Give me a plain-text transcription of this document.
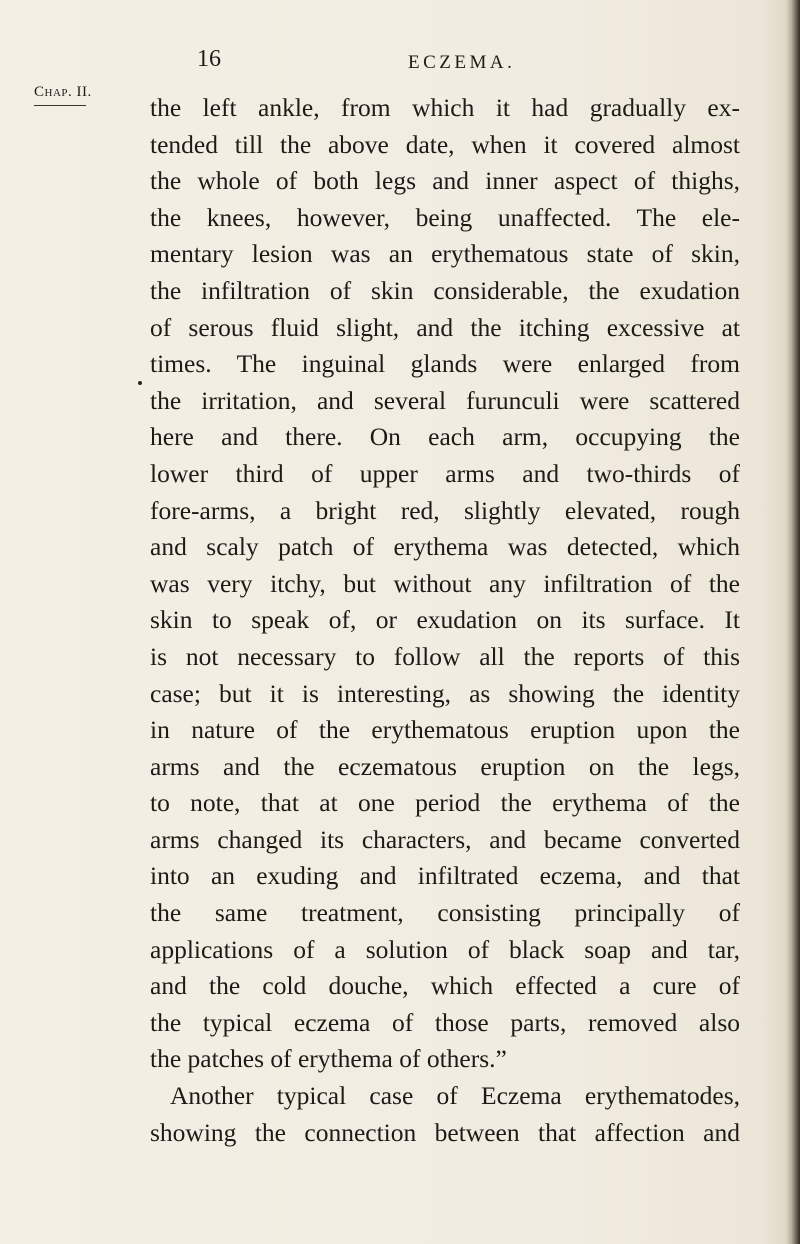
16	ECZEMA.
Chap. II.
the left ankle, from which it had gradually ex-
tended till the above date, when it covered almost
the whole of both legs and inner aspect of thighs,
the knees, however, being unaffected. The ele-
mentary lesion was an erythematous state of skin,
the infiltration of skin considerable, the exudation
of serous fluid slight, and the itching excessive at
times. The inguinal glands were enlarged from
the irritation, and several furunculi were scattered
here and there. On each arm, occupying the
lower third of upper arms and two-thirds of
fore-arms, a bright red, slightly elevated, rough
and scaly patch of erythema was detected, which
was very itchy, but without any infiltration of the
skin to speak of, or exudation on its surface. It
is not necessary to follow all the reports of this
case; but it is interesting, as showing the identity
in nature of the erythematous eruption upon the
arms and the eczematous eruption on the legs,
to note, that at one period the erythema of the
arms changed its characters, and became converted
into an exuding and infiltrated eczema, and that
the same treatment, consisting principally of
applications of a solution of black soap and tar,
and the cold douche, which effected a cure of
the typical eczema of those parts, removed also
the patches of erythema of others.”
Another typical case of Eczema erythematodes,
showing the connection between that affection and
